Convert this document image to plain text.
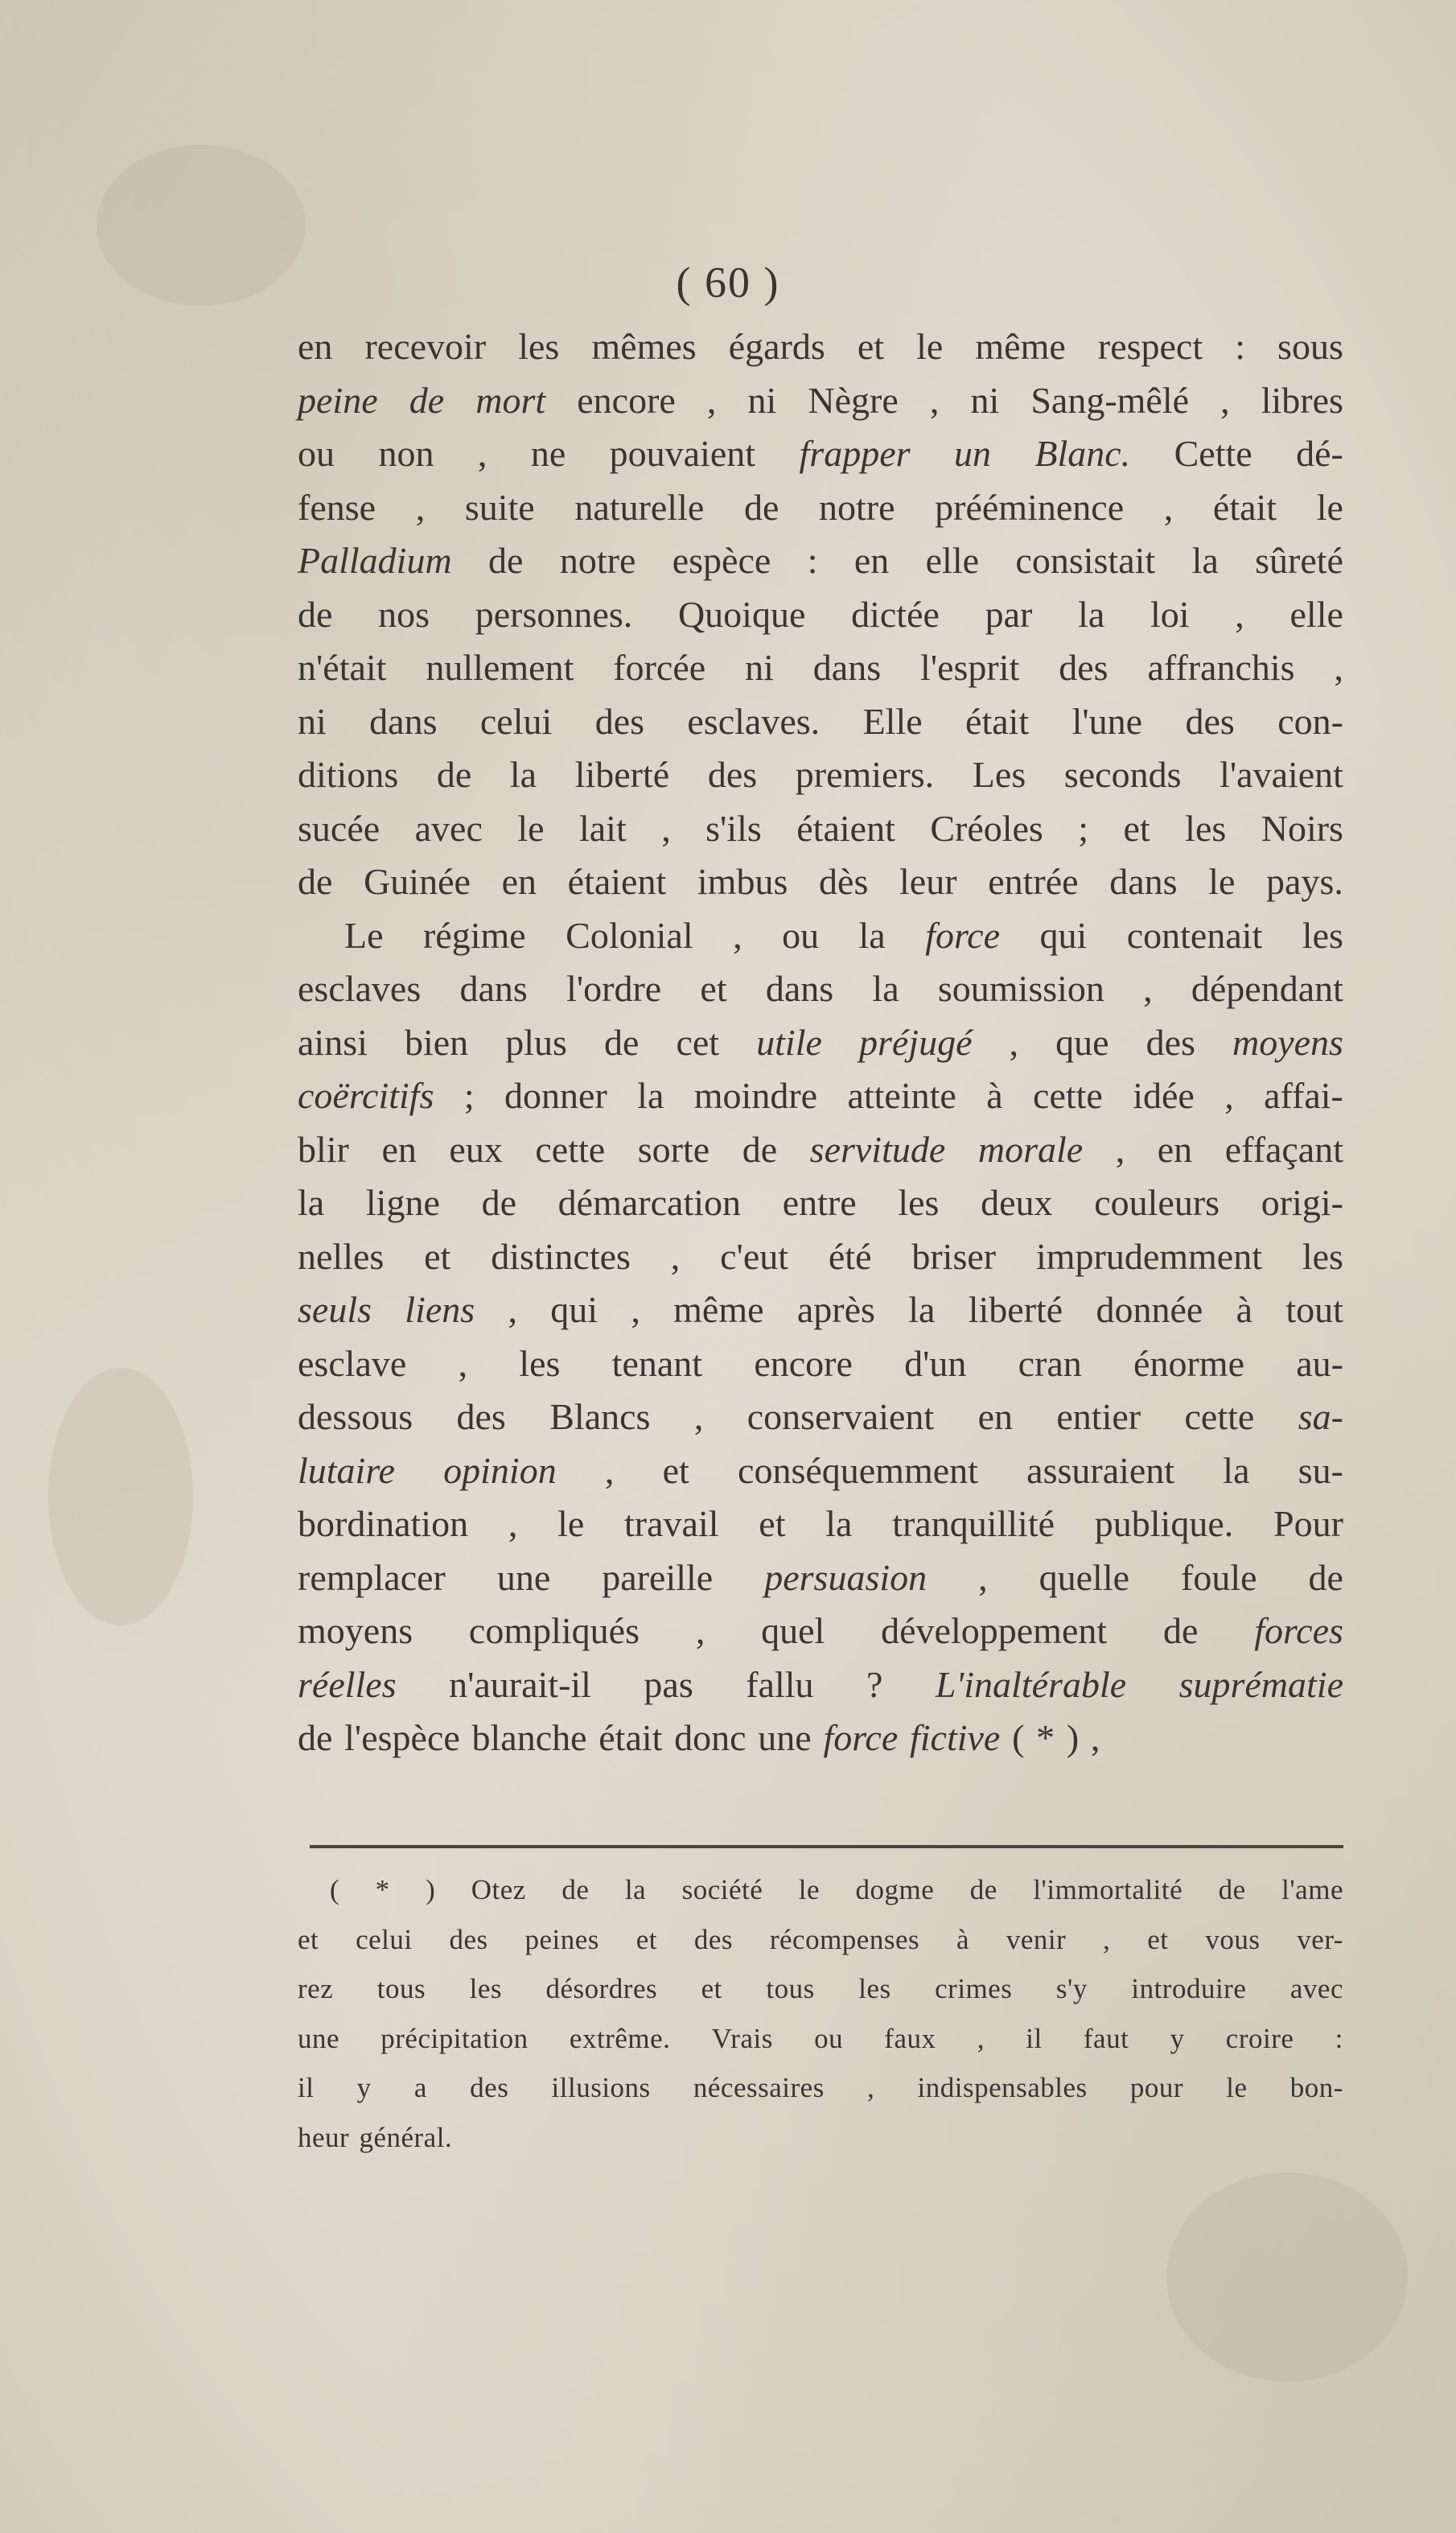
( 60 )
en recevoir les mêmes égards et le même respect : sous
peine de mort encore , ni Nègre , ni Sang-mêlé , libres
ou non , ne pouvaient frapper un Blanc. Cette dé-
fense , suite naturelle de notre prééminence , était le
Palladium de notre espèce : en elle consistait la sûreté
de nos personnes. Quoique dictée par la loi , elle
n'était nullement forcée ni dans l'esprit des affranchis ,
ni dans celui des esclaves. Elle était l'une des con-
ditions de la liberté des premiers. Les seconds l'avaient
sucée avec le lait , s'ils étaient Créoles ; et les Noirs
de Guinée en étaient imbus dès leur entrée dans le pays.
Le régime Colonial , ou la force qui contenait les
esclaves dans l'ordre et dans la soumission , dépendant
ainsi bien plus de cet utile préjugé , que des moyens
coërcitifs ; donner la moindre atteinte à cette idée , affai-
blir en eux cette sorte de servitude morale , en effaçant
la ligne de démarcation entre les deux couleurs origi-
nelles et distinctes , c'eut été briser imprudemment les
seuls liens , qui , même après la liberté donnée à tout
esclave , les tenant encore d'un cran énorme au-
dessous des Blancs , conservaient en entier cette sa-
lutaire opinion , et conséquemment assuraient la su-
bordination , le travail et la tranquillité publique. Pour
remplacer une pareille persuasion , quelle foule de
moyens compliqués , quel développement de forces
réelles n'aurait-il pas fallu ? L'inaltérable suprématie
de l'espèce blanche était donc une force fictive ( * ) ,
( * ) Otez de la société le dogme de l'immortalité de l'ame
et celui des peines et des récompenses à venir , et vous ver-
rez tous les désordres et tous les crimes s'y introduire avec
une précipitation extrême. Vrais ou faux , il faut y croire :
il y a des illusions nécessaires , indispensables pour le bon-
heur général.
